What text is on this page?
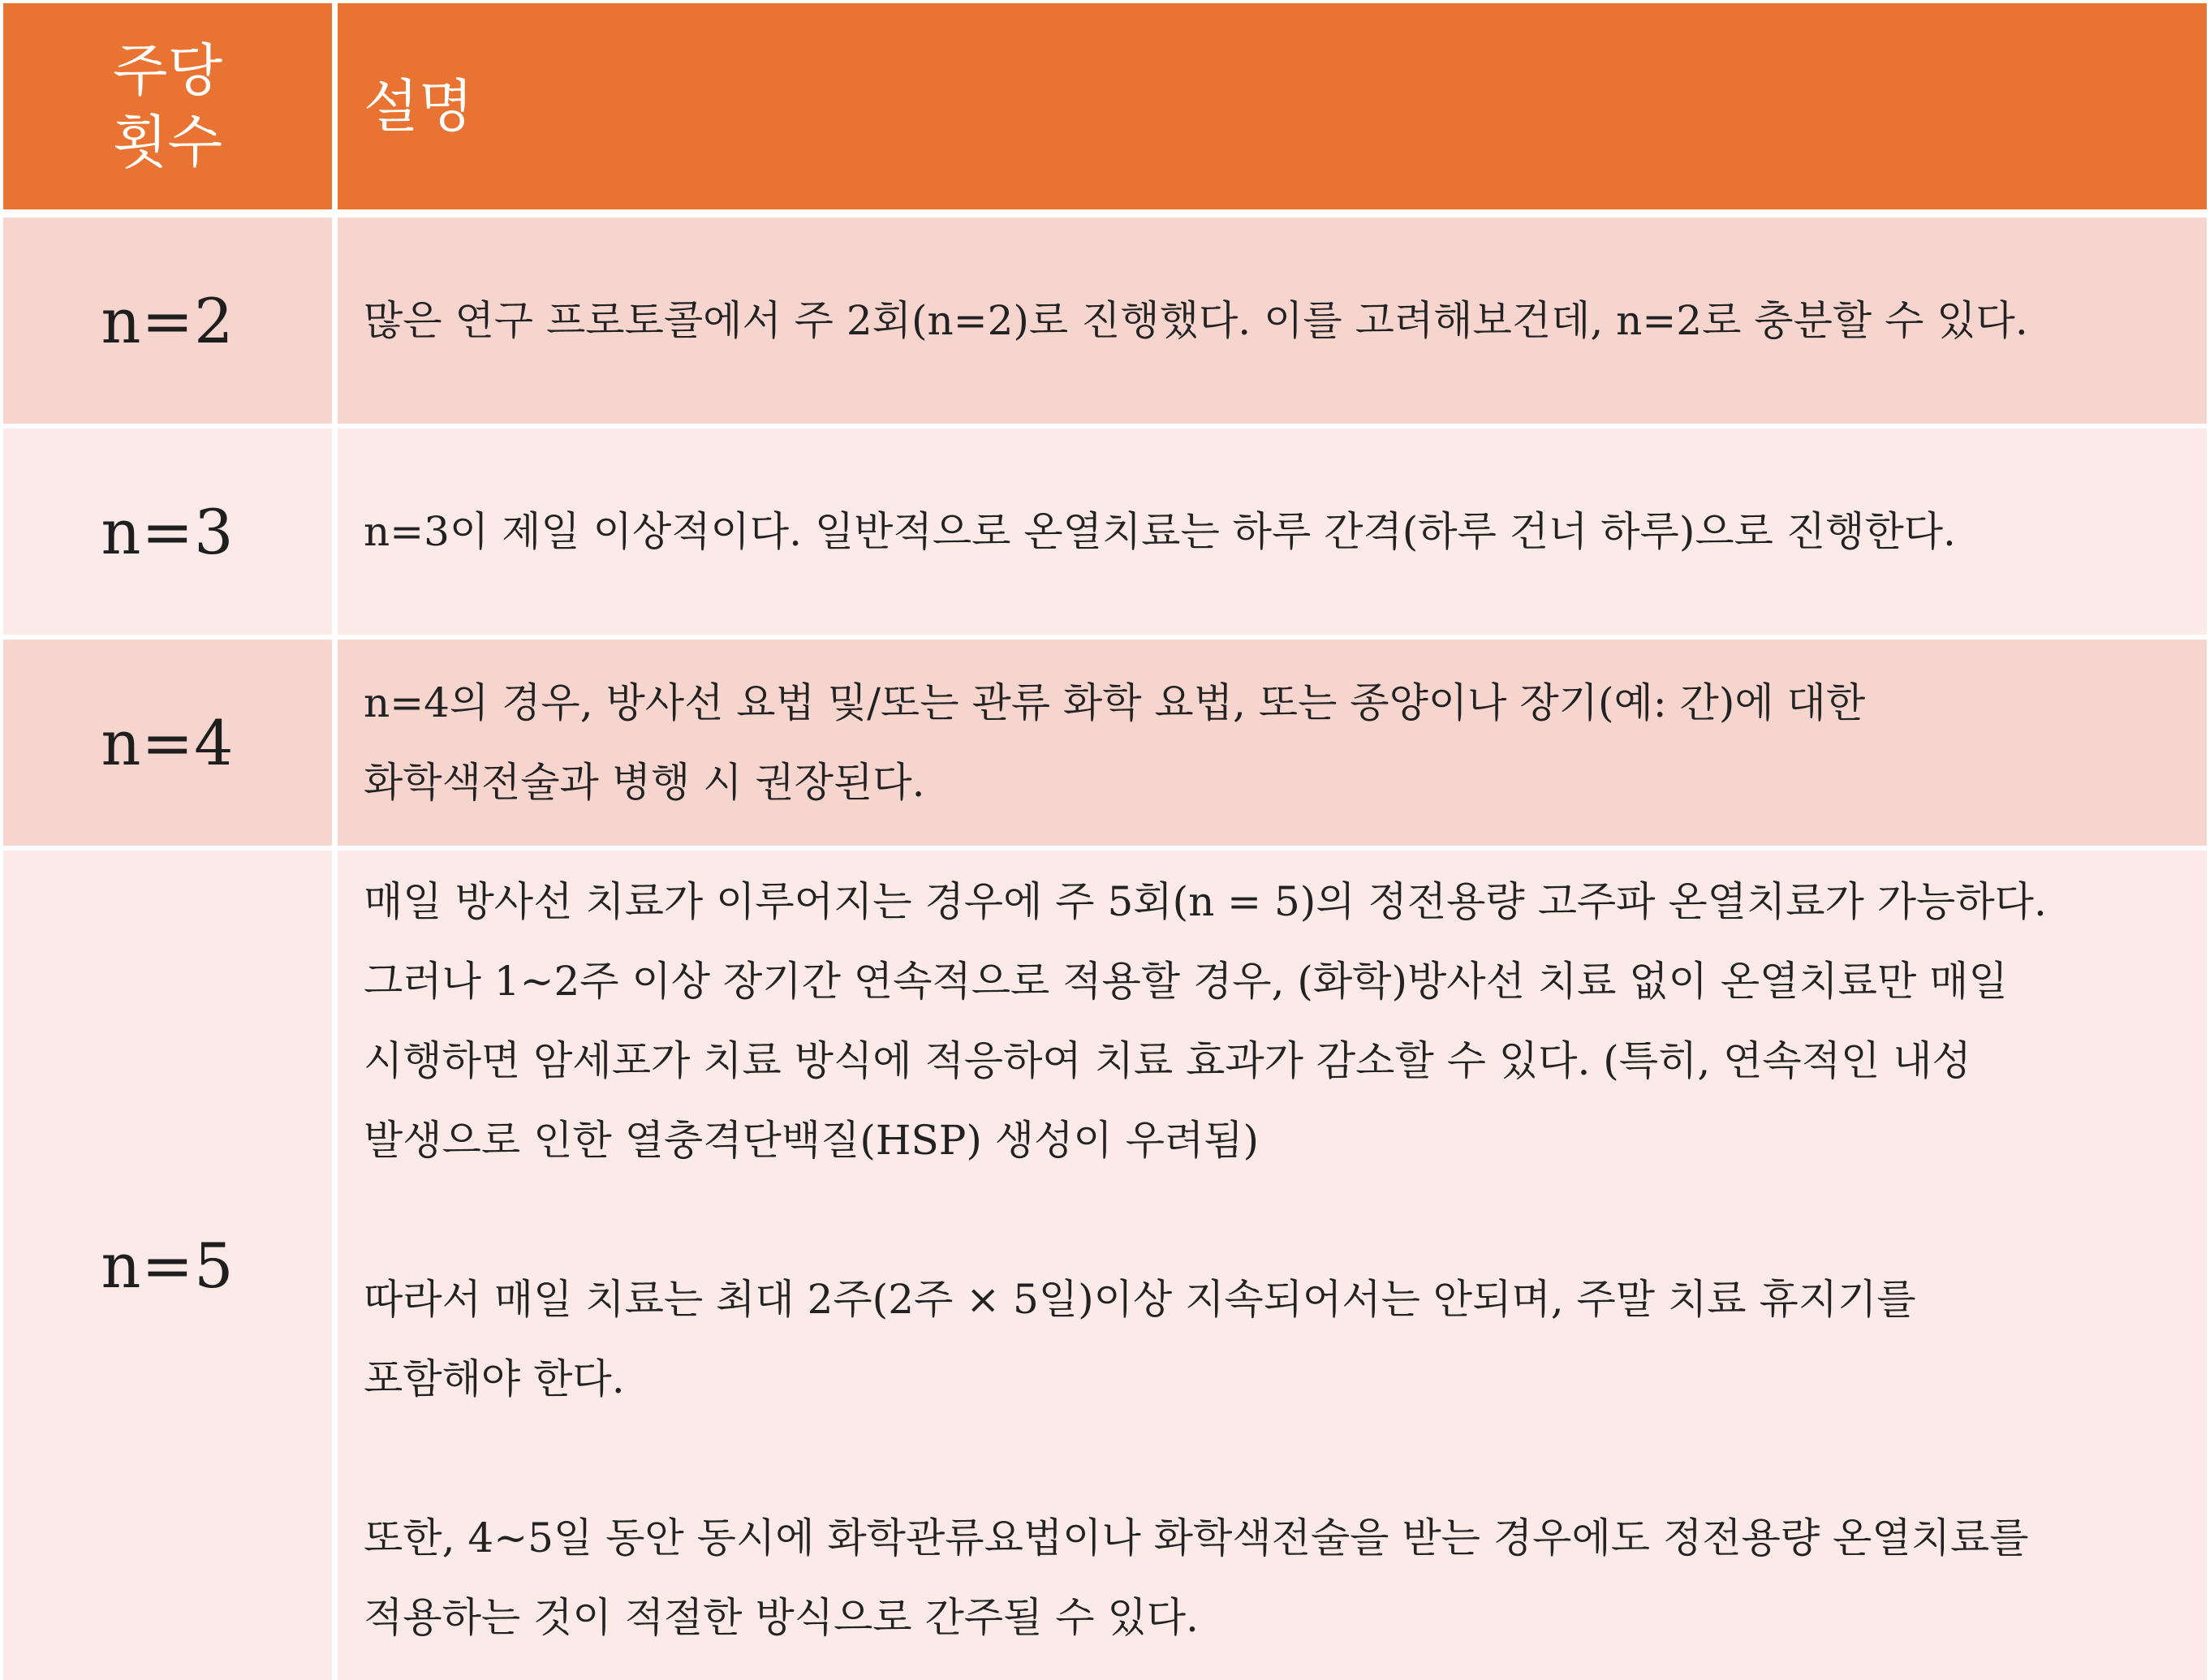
주당
횟수
설명
n=2	많은 연구 프로토콜에서 주 2회(n=2)로 진행했다. 이를 고려해보건데, n=2로 충분할 수 있다.
n=3	n=3이 제일 이상적이다. 일반적으로 온열치료는 하루 간격(하루 건너 하루)으로 진행한다.
n=4
n=4의 경우, 방사선 요법 및/또는 관류 화학 요법, 또는 종양이나 장기(예: 간)에 대한
화학색전술과 병행 시 권장된다.
n=5
매일 방사선 치료가 이루어지는 경우에 주 5회(n = 5)의 정전용량 고주파 온열치료가 가능하다.
그러나 1~2주 이상 장기간 연속적으로 적용할 경우, (화학)방사선 치료 없이 온열치료만 매일
시행하면 암세포가 치료 방식에 적응하여 치료 효과가 감소할 수 있다. (특히, 연속적인 내성
발생으로 인한 열충격단백질(HSP) 생성이 우려됨)
따라서 매일 치료는 최대 2주(2주 × 5일)이상 지속되어서는 안되며, 주말 치료 휴지기를
포함해야 한다.
또한, 4~5일 동안 동시에 화학관류요법이나 화학색전술을 받는 경우에도 정전용량 온열치료를
적용하는 것이 적절한 방식으로 간주될 수 있다.
